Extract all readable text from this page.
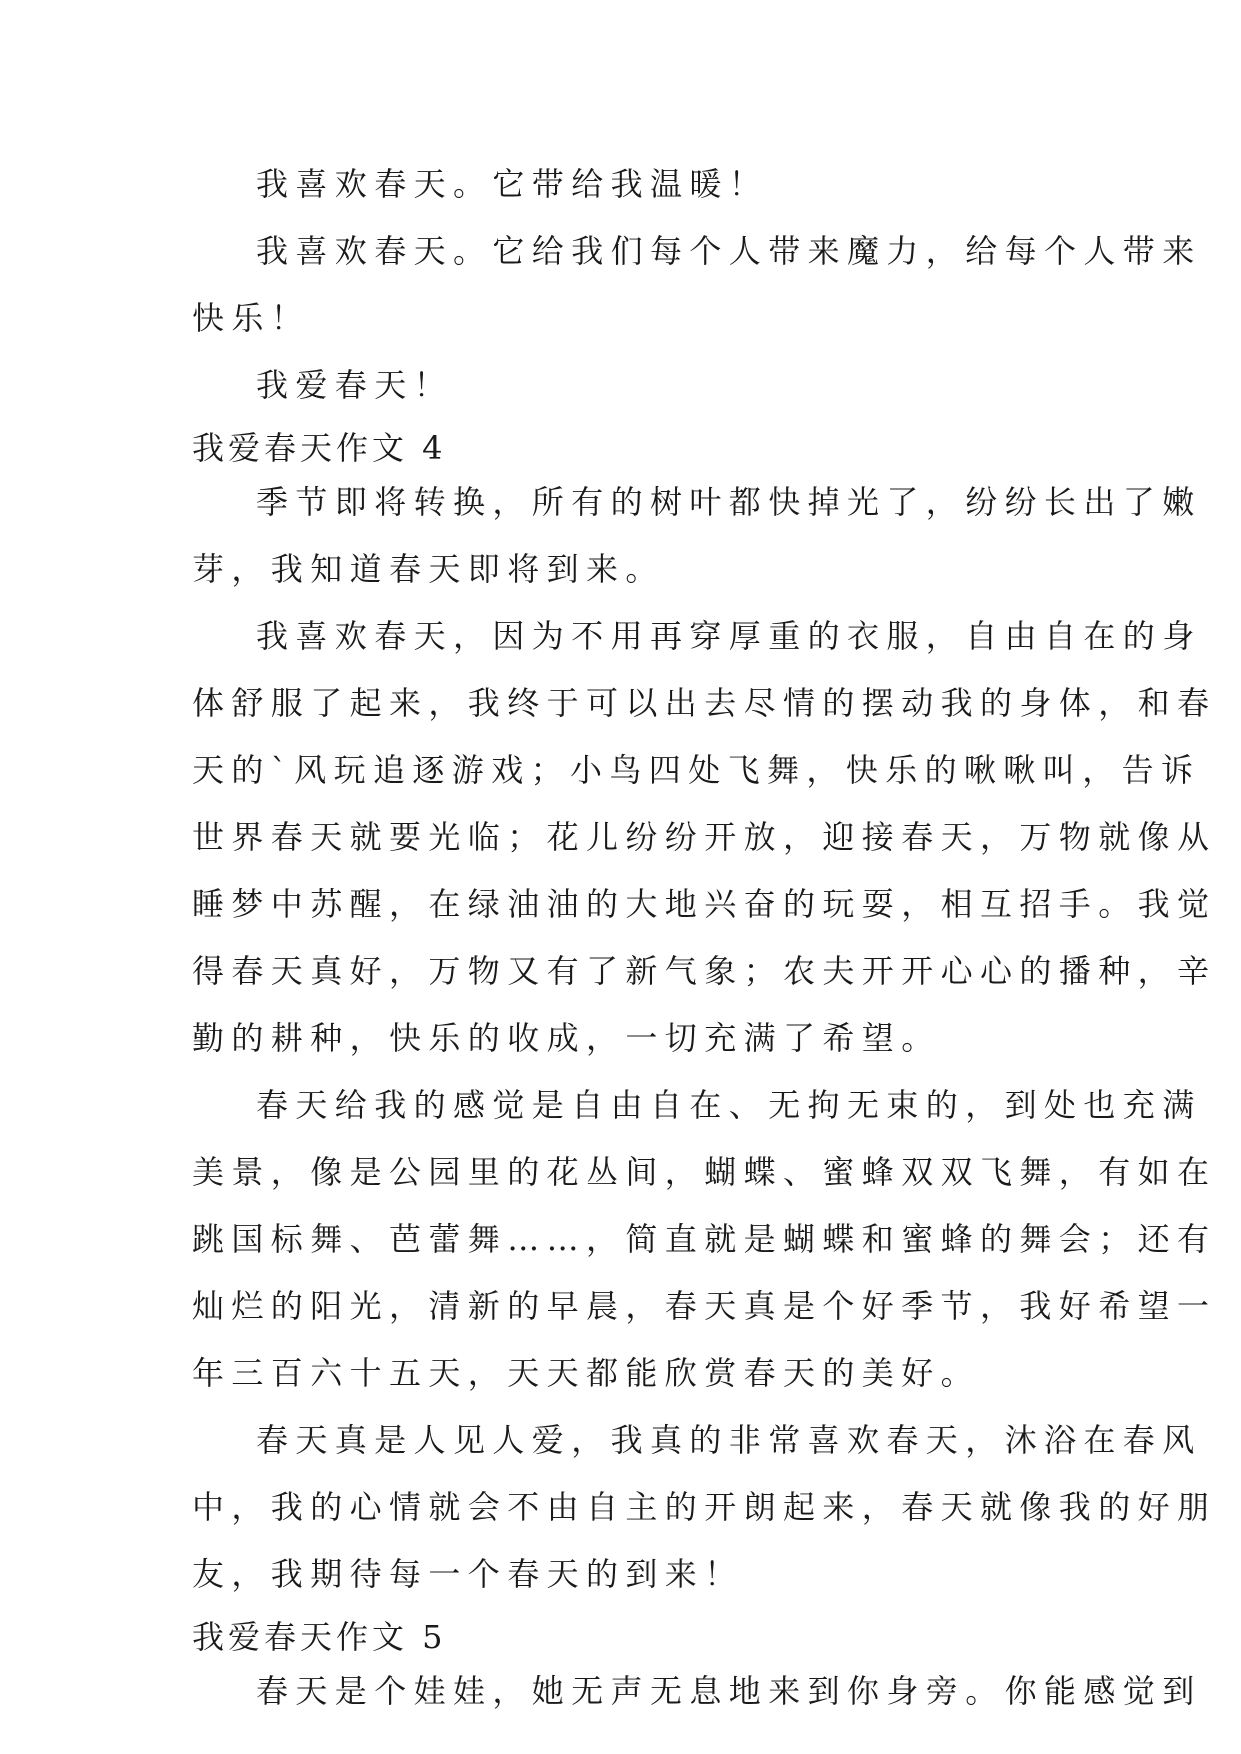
我喜欢春天。它带给我温暖！
我喜欢春天。它给我们每个人带来魔力，给每个人带来
快乐！
我爱春天！
我爱春天作文 4
季节即将转换，所有的树叶都快掉光了，纷纷长出了嫩
芽，我知道春天即将到来。
我喜欢春天，因为不用再穿厚重的衣服，自由自在的身
体舒服了起来，我终于可以出去尽情的摆动我的身体，和春
天的`风玩追逐游戏；小鸟四处飞舞，快乐的啾啾叫，告诉
世界春天就要光临；花儿纷纷开放，迎接春天，万物就像从
睡梦中苏醒，在绿油油的大地兴奋的玩耍，相互招手。我觉
得春天真好，万物又有了新气象；农夫开开心心的播种，辛
勤的耕种，快乐的收成，一切充满了希望。
春天给我的感觉是自由自在、无拘无束的，到处也充满
美景，像是公园里的花丛间，蝴蝶、蜜蜂双双飞舞，有如在
跳国标舞、芭蕾舞……，简直就是蝴蝶和蜜蜂的舞会；还有
灿烂的阳光，清新的早晨，春天真是个好季节，我好希望一
年三百六十五天，天天都能欣赏春天的美好。
春天真是人见人爱，我真的非常喜欢春天，沐浴在春风
中，我的心情就会不由自主的开朗起来，春天就像我的好朋
友，我期待每一个春天的到来！
我爱春天作文 5
春天是个娃娃，她无声无息地来到你身旁。你能感觉到
